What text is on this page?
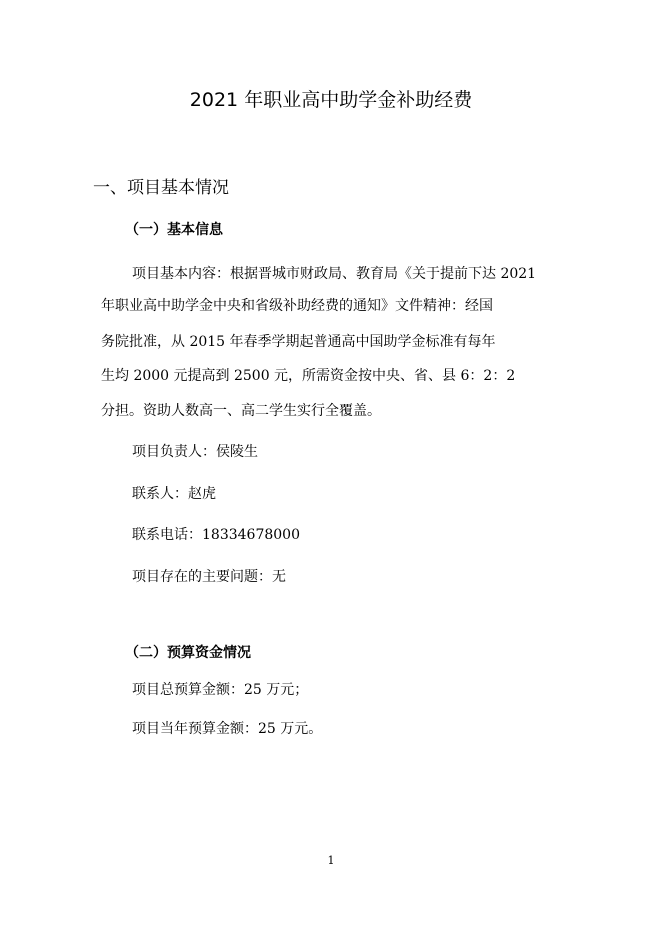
2021 年职业高中助学金补助经费
一、项目基本情况
（一）基本信息

项目基本内容：根据晋城市财政局、教育局《关于提前下达 2021

年职业高中助学金中央和省级补助经费的通知》文件精神：经国

务院批准，从 2015 年春季学期起普通高中国助学金标准有每年

生均 2000 元提高到 2500 元，所需资金按中央、省、县 6：2：2

分担。资助人数高一、高二学生实行全覆盖。

项目负责人：侯陵生

联系人：赵虎

联系电话：18334678000

项目存在的主要问题：无

（二）预算资金情况

项目总预算金额：25 万元；

项目当年预算金额：25 万元。

1
